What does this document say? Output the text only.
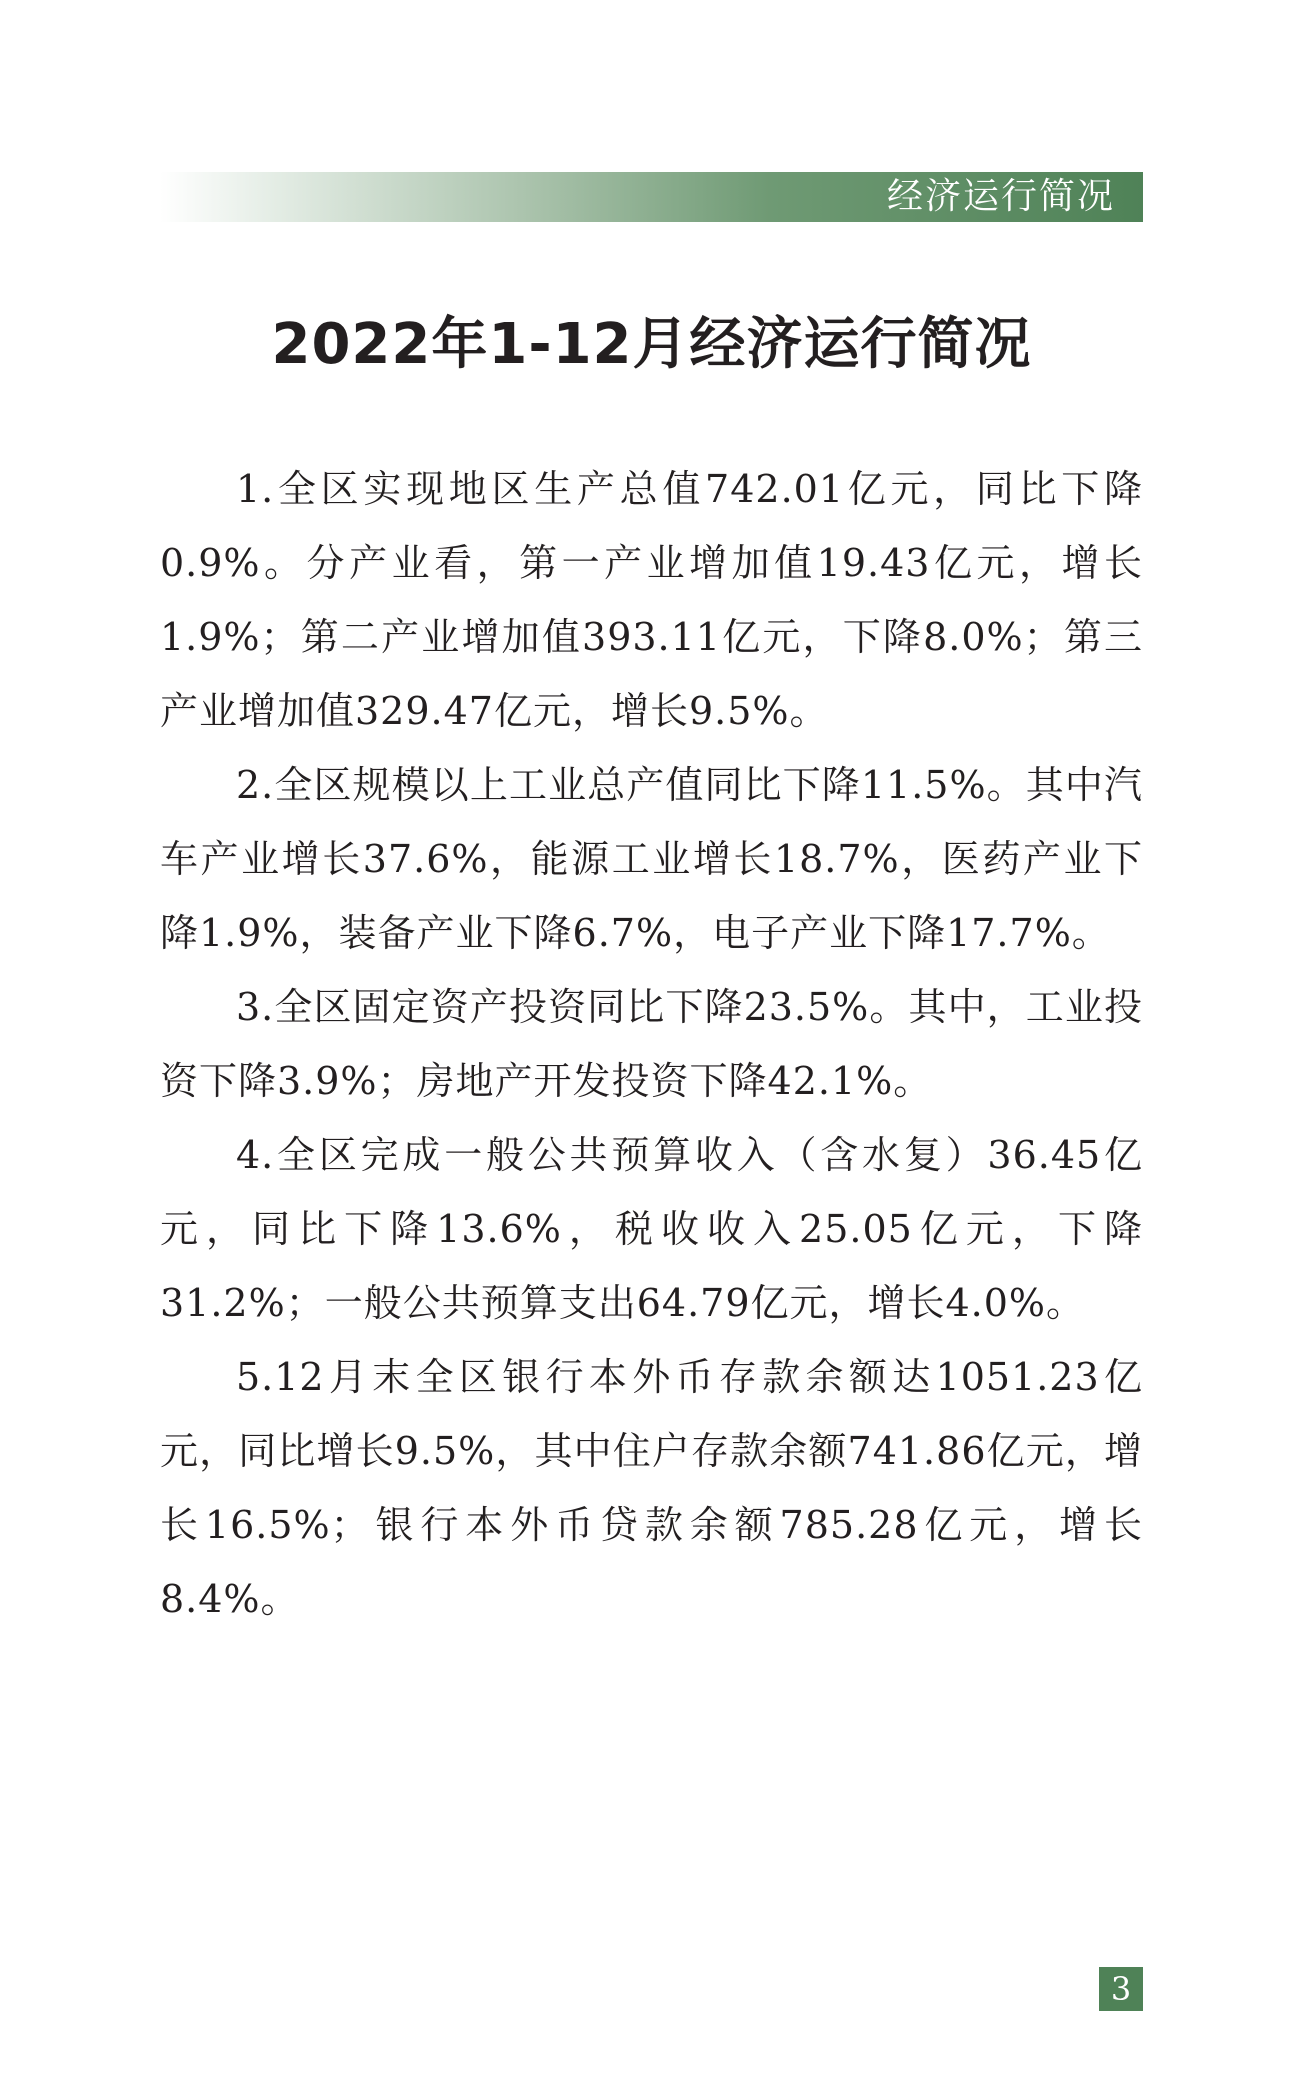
经济运行简况
2022年1-12月经济运行简况

1.全区实现地区生产总值742.01亿元，同比下降0.9%。分产业看，第一产业增加值19.43亿元，增长1.9%；第二产业增加值393.11亿元，下降8.0%；第三产业增加值329.47亿元，增长9.5%。

2.全区规模以上工业总产值同比下降11.5%。其中汽车产业增长37.6%，能源工业增长18.7%，医药产业下降1.9%，装备产业下降6.7%，电子产业下降17.7%。

3.全区固定资产投资同比下降23.5%。其中，工业投资下降3.9%；房地产开发投资下降42.1%。

4.全区完成一般公共预算收入（含水复）36.45亿元，同比下降13.6%，税收收入25.05亿元，下降31.2%；一般公共预算支出64.79亿元，增长4.0%。

5.12月末全区银行本外币存款余额达1051.23亿元，同比增长9.5%，其中住户存款余额741.86亿元，增长16.5%；银行本外币贷款余额785.28亿元，增长8.4%。

3
